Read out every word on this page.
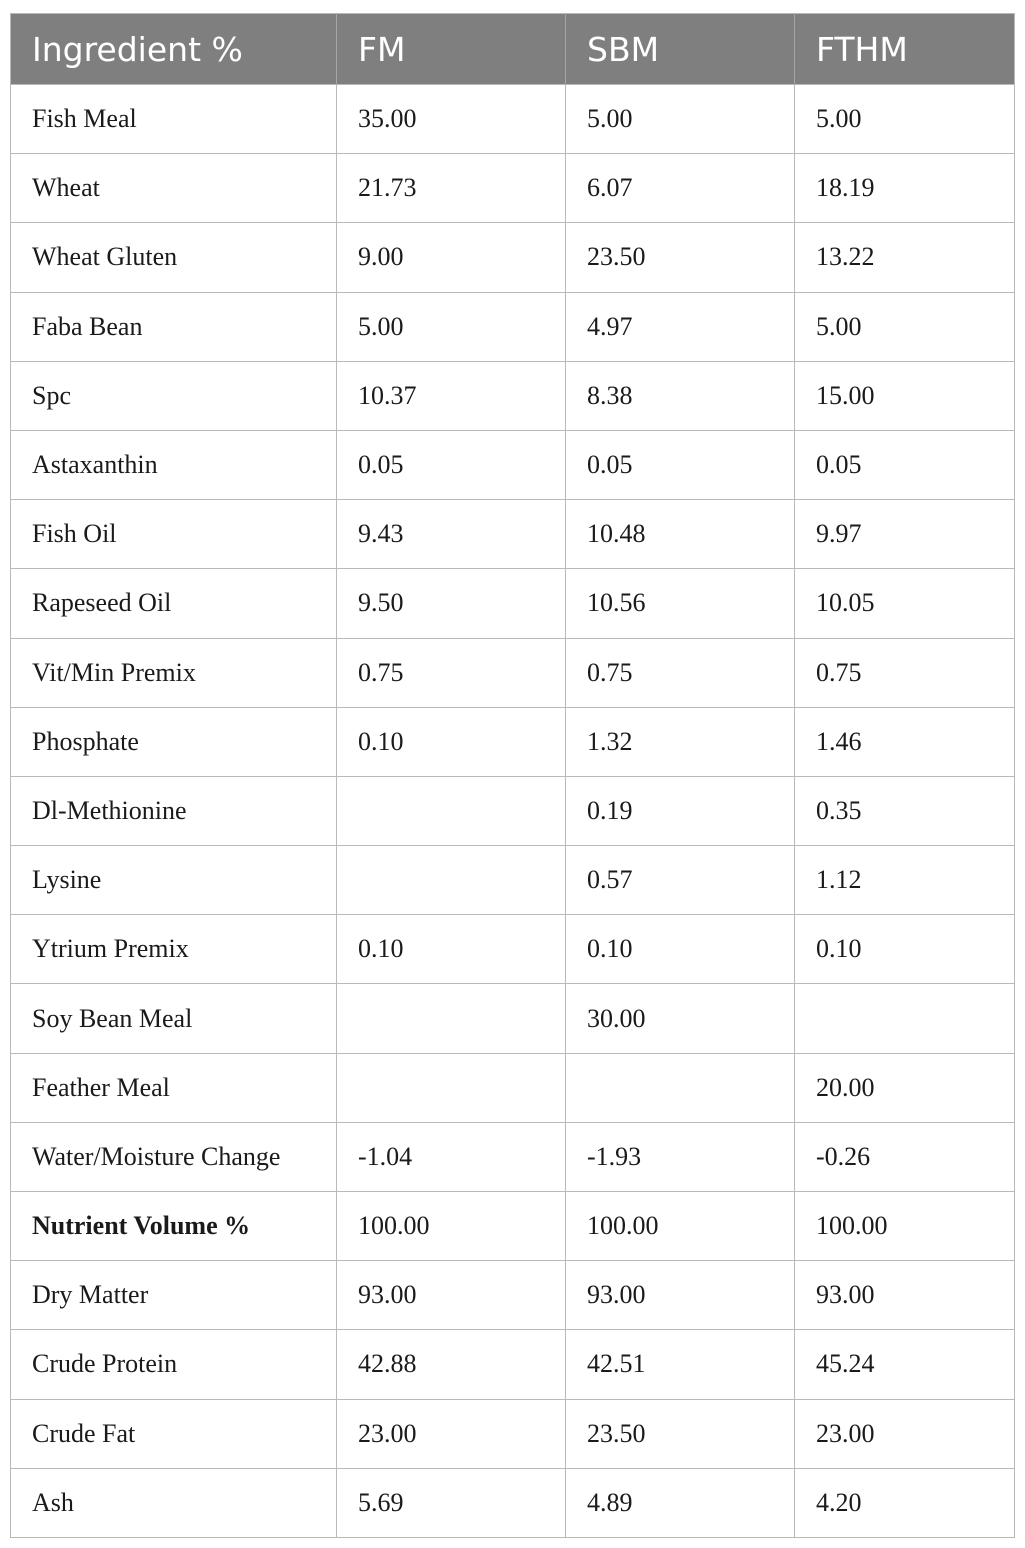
Ingredient %	FM	SBM	FTHM
Fish Meal	35.00	5.00	5.00
Wheat	21.73	6.07	18.19
Wheat Gluten	9.00	23.50	13.22
Faba Bean	5.00	4.97	5.00
Spc	10.37	8.38	15.00
Astaxanthin	0.05	0.05	0.05
Fish Oil	9.43	10.48	9.97
Rapeseed Oil	9.50	10.56	10.05
Vit/Min Premix	0.75	0.75	0.75
Phosphate	0.10	1.32	1.46
Dl-Methionine		0.19	0.35
Lysine		0.57	1.12
Ytrium Premix	0.10	0.10	0.10
Soy Bean Meal		30.00	
Feather Meal			20.00
Water/Moisture Change	-1.04	-1.93	-0.26
Nutrient Volume %	100.00	100.00	100.00
Dry Matter	93.00	93.00	93.00
Crude Protein	42.88	42.51	45.24
Crude Fat	23.00	23.50	23.00
Ash	5.69	4.89	4.20
